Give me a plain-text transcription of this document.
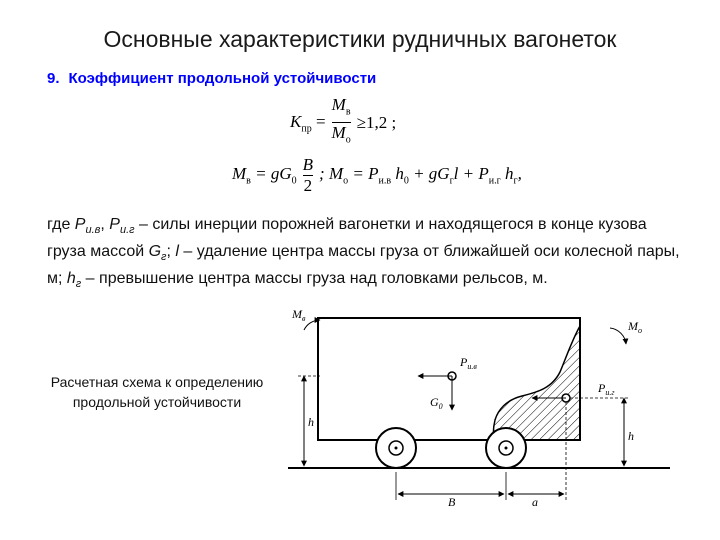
Основные характеристики рудничных вагонеток
9. Коэффициент продольной устойчивости
$K_{пр} = \frac{M_в}{M_о} \ge 1,2$ ;
$M_в = gG_0 \frac{B}{2}$ ; $M_о = P_{и.в}$ $h_0 + gG_гl + P_{и.г}$ $h_г$,
где $P_{и.в}$, $P_{и.г}$ – силы инерции порожней вагонетки и находящегося в конце кузова груза массой $G_г$; l – удаление центра массы груза от ближайшей оси колесной пары, м; $h_г$ – превышение центра массы груза над головками рельсов, м.
Расчетная схема к определению продольной устойчивости
$M_в$
$M_о$
$P_{и.в}$
$P_{и.г}$
$G_0$
h
h
B	a
